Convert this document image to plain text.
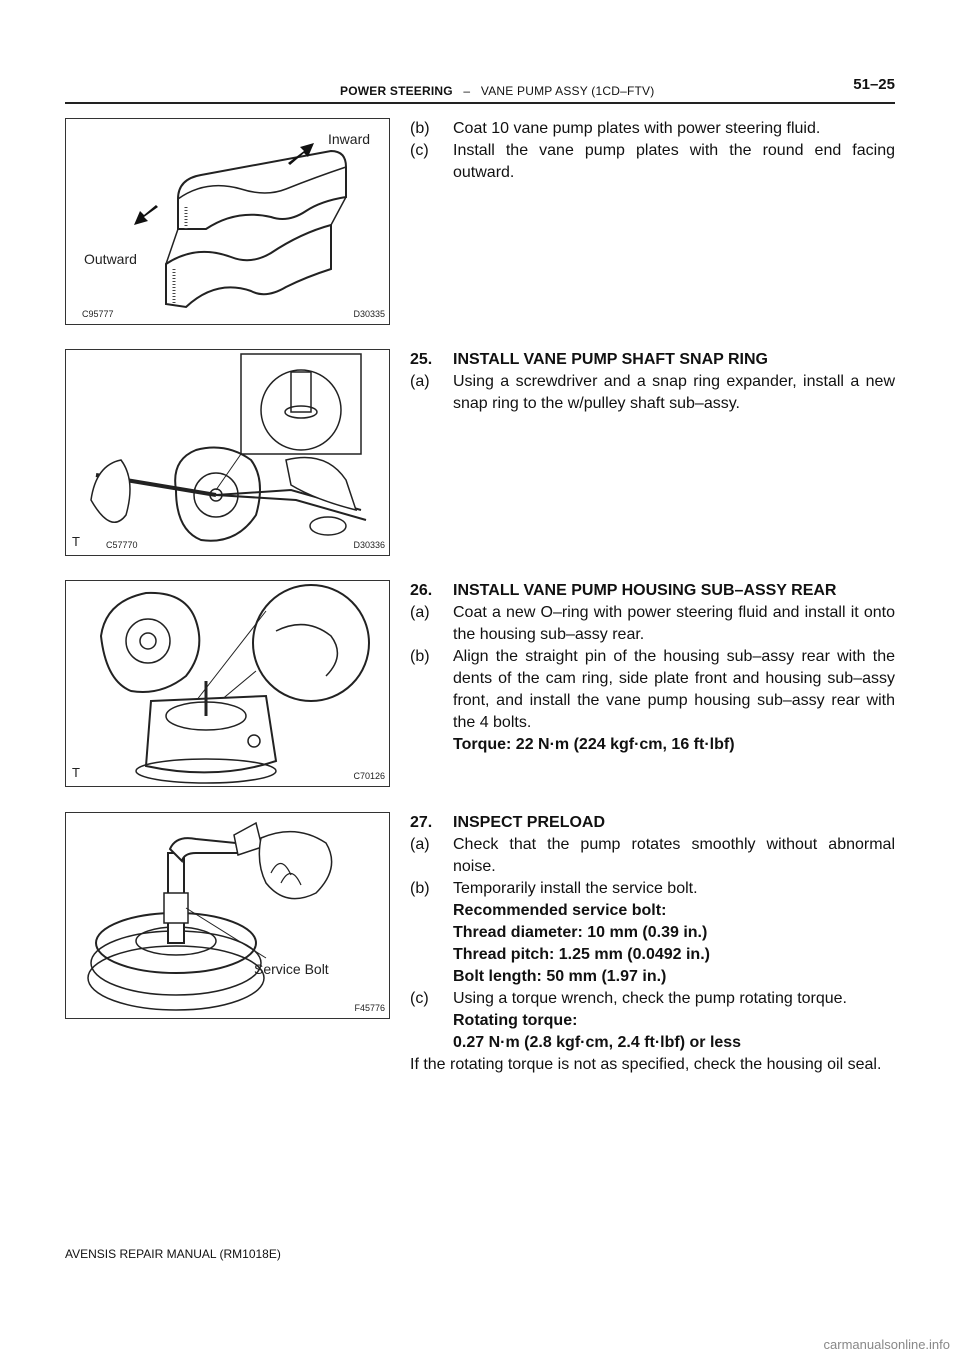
POWER STEERING – VANE PUMP ASSY (1CD–FTV)	51–25
Inward
Outward
C95777	D30335
T	C57770	D30336
T	C70126
Service Bolt
F45776
(b) Coat 10 vane pump plates with power steering fluid.
(c) Install the vane pump plates with the round end facing outward.
25. INSTALL VANE PUMP SHAFT SNAP RING
(a) Using a screwdriver and a snap ring expander, install a new snap ring to the w/pulley shaft sub–assy.
26. INSTALL VANE PUMP HOUSING SUB–ASSY REAR
(a) Coat a new O–ring with power steering fluid and install it onto the housing sub–assy rear.
(b) Align the straight pin of the housing sub–assy rear with the dents of the cam ring, side plate front and housing sub–assy front, and install the vane pump housing sub–assy rear with the 4 bolts.
Torque: 22 N·m (224 kgf·cm, 16 ft·lbf)
27. INSPECT PRELOAD
(a) Check that the pump rotates smoothly without abnormal noise.
(b) Temporarily install the service bolt.
Recommended service bolt:
Thread diameter: 10 mm (0.39 in.)
Thread pitch: 1.25 mm (0.0492 in.)
Bolt length: 50 mm (1.97 in.)
(c) Using a torque wrench, check the pump rotating torque.
Rotating torque:
0.27 N·m (2.8 kgf·cm, 2.4 ft·lbf) or less
If the rotating torque is not as specified, check the housing oil seal.
AVENSIS REPAIR MANUAL (RM1018E)
carmanualsonline.info
